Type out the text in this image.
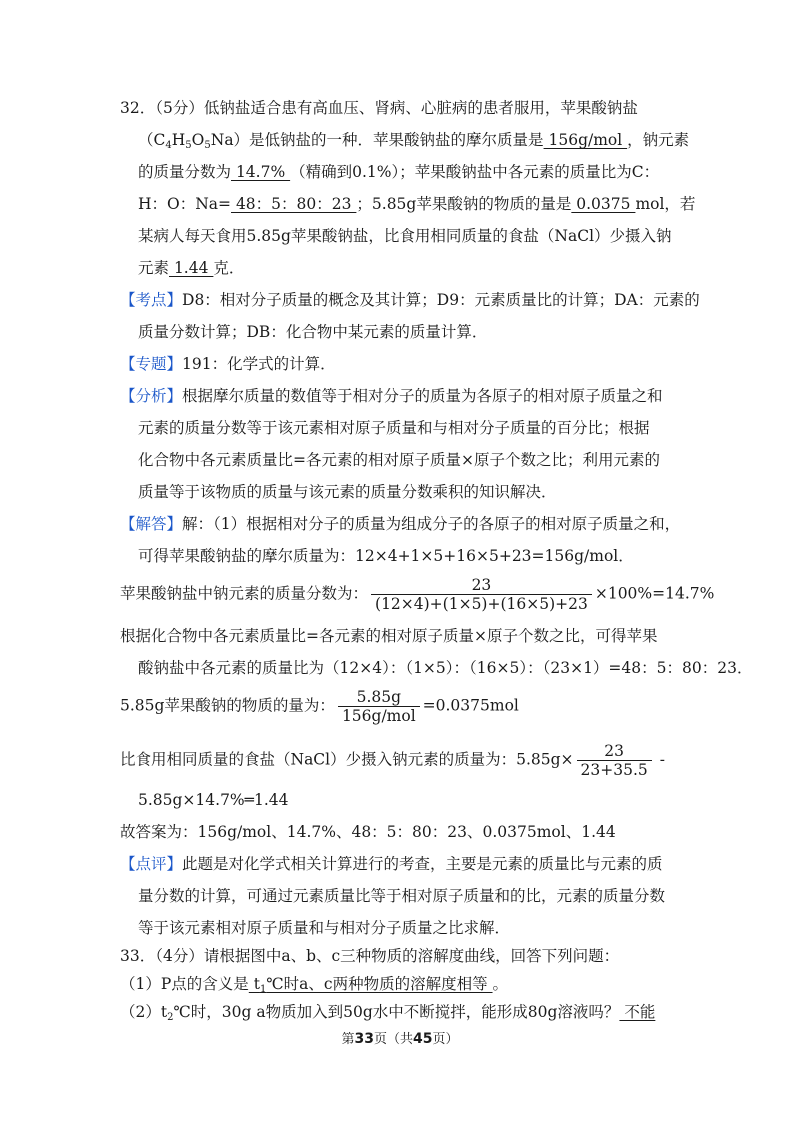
32．（5分）低钠盐适合患有高血压、肾病、心脏病的患者服用，苹果酸钠盐
$(C_4H_5O_5Na)$是低钠盐的一种．苹果酸钠盐的摩尔质量是 156g/mol ，钠元素
的质量分数为 14.7% （精确到0.1%）；苹果酸钠盐中各元素的质量比为C：
H：O：Na= 48：5：80：23 ；5.85g苹果酸钠的物质的量是 0.0375 mol，若
某病人每天食用5.85g苹果酸钠盐，比食用相同质量的食盐（NaCl）少摄入钠
元素 1.44 克．
【考点】D8：相对分子质量的概念及其计算；D9：元素质量比的计算；DA：元素的
质量分数计算；DB：化合物中某元素的质量计算．
【专题】191：化学式的计算．
【分析】根据摩尔质量的数值等于相对分子的质量为各原子的相对原子质量之和
元素的质量分数等于该元素相对原子质量和与相对分子质量的百分比；根据
化合物中各元素质量比=各元素的相对原子质量×原子个数之比；利用元素的
质量等于该物质的质量与该元素的质量分数乘积的知识解决．
【解答】解：（1）根据相对分子的质量为组成分子的各原子的相对原子质量之和，
可得苹果酸钠盐的摩尔质量为：12×4+1×5+16×5+23=156g/mol．
苹果酸钠盐中钠元素的质量分数为： $\frac{23}{(12\times 4)+(1\times 5)+(16\times 5)+23} \times 100\%=14.7\%$
根据化合物中各元素质量比=各元素的相对原子质量×原子个数之比，可得苹果
酸钠盐中各元素的质量比为（12×4）：（1×5）：（16×5）：（23×1）=48：5：80：23．
5.85g苹果酸钠的物质的量为： $\frac{5.85g}{\text{156g/mol}} =0.0375mol$
比食用相同质量的食盐（NaCl）少摄入钠元素的质量为：$5.85g\times \frac{23}{23+35.5}$ -
5.85g×14.7%═1.44
故答案为：156g/mol、14.7%、48：5：80：23、0.0375mol、1.44
【点评】此题是对化学式相关计算进行的考查，主要是元素的质量比与元素的质
量分数的计算，可通过元素质量比等于相对原子质量和的比，元素的质量分数
等于该元素相对原子质量和与相对分子质量之比求解．
33．（4分）请根据图中a、b、c三种物质的溶解度曲线，回答下列问题：
（1）P点的含义是 $t_1℃$时a、c两种物质的溶解度相等 。
$(2)t_2℃$时，30g a物质加入到50g水中不断搅拌，能形成80g溶液吗？ 不能
第33页（共45页）
